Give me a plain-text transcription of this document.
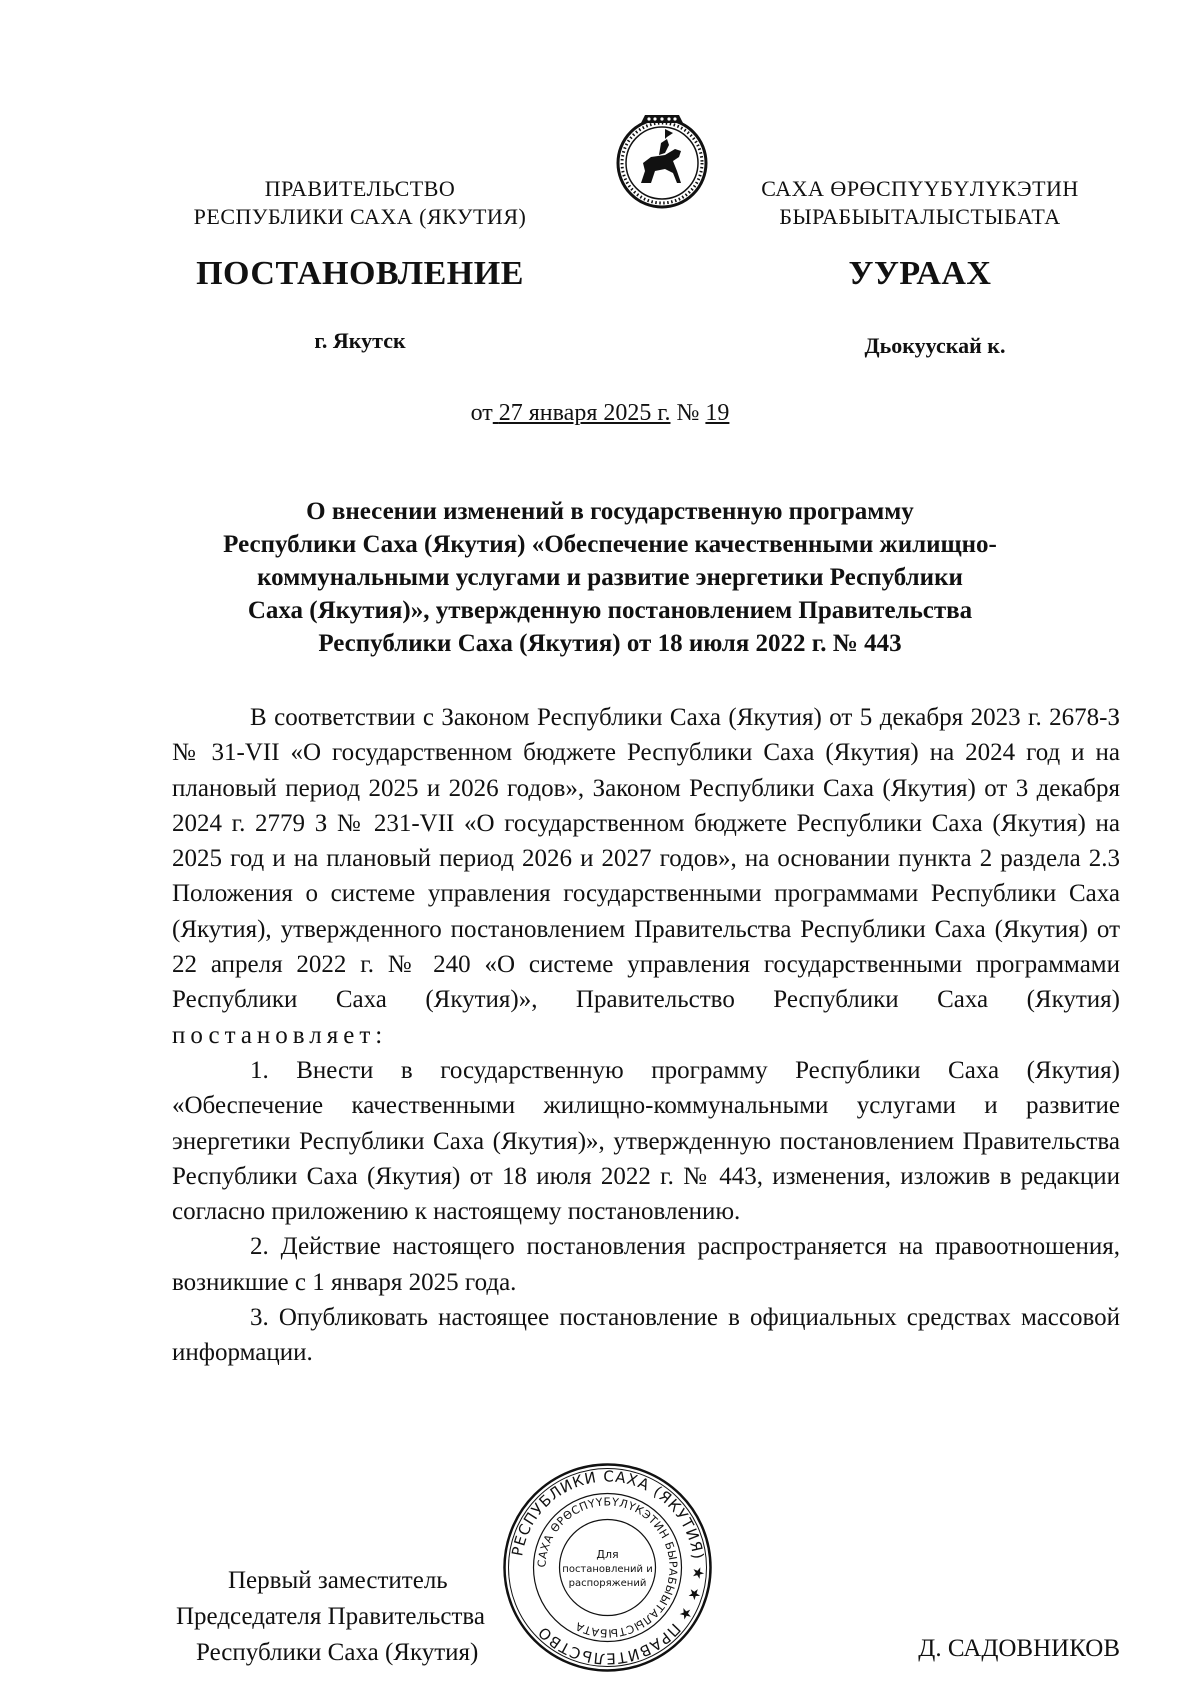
ПРАВИТЕЛЬСТВО
РЕСПУБЛИКИ САХА (ЯКУТИЯ)
САХА ӨРӨСПҮҮБҮЛҮКЭТИН
БЫРАБЫЫТАЛЫСТЫБАТА
ПОСТАНОВЛЕНИЕ	УУРААХ
г. Якутск	Дьокуускай к.
от 27 января 2025 г. № 19
О внесении изменений в государственную программу
Республики Саха (Якутия) «Обеспечение качественными жилищно-
коммунальными услугами и развитие энергетики Республики
Саха (Якутия)», утвержденную постановлением Правительства
Республики Саха (Якутия) от 18 июля 2022 г. № 443

В соответствии с Законом Республики Саха (Якутия) от 5 декабря 2023 г. 2678-З № 31-VII «О государственном бюджете Республики Саха (Якутия) на 2024 год и на плановый период 2025 и 2026 годов», Законом Республики Саха (Якутия) от 3 декабря 2024 г. 2779 З № 231-VII «О государственном бюджете Республики Саха (Якутия) на 2025 год и на плановый период 2026 и 2027 годов», на основании пункта 2 раздела 2.3 Положения о системе управления государственными программами Республики Саха (Якутия), утвержденного постановлением Правительства Республики Саха (Якутия) от 22 апреля 2022 г. № 240 «О системе управления государственными программами Республики Саха (Якутия)», Правительство Республики Саха (Якутия) постановляет:

1. Внести в государственную программу Республики Саха (Якутия) «Обеспечение качественными жилищно-коммунальными услугами и развитие энергетики Республики Саха (Якутия)», утвержденную постановлением Правительства Республики Саха (Якутия) от 18 июля 2022 г. № 443, изменения, изложив в редакции согласно приложению к настоящему постановлению.

2. Действие настоящего постановления распространяется на правоотношения, возникшие с 1 января 2025 года.

3. Опубликовать настоящее постановление в официальных средствах массовой информации.

Первый заместитель
Председателя Правительства
Республики Саха (Якутия)	Д. САДОВНИКОВ
РЕСПУБЛИКИ САХА (ЯКУТИЯ) ★ ★ ★ ПРАВИТЕЛЬСТВО
САХА ӨРӨСПҮҮБҮЛҮКЭТИН БЫРАБЫЫТАЛЫСТЫБАТА
Для
постановлений и
распоряжений
